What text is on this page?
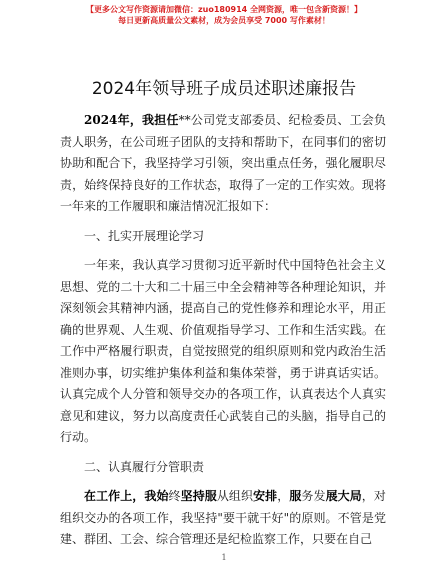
【更多公文写作资源请加微信：zuo180914 全网资源，唯一包含新资源！】
每日更新高质量公文素材，成为会员享受 7000 写作素材！
2024年领导班子成员述职述廉报告

2024年，我担任**公司党支部委员、纪检委员、工会负责人职务，在公司班子团队的支持和帮助下，在同事们的密切协助和配合下，我坚持学习引领，突出重点任务，强化履职尽责，始终保持良好的工作状态，取得了一定的工作实效。现将一年来的工作履职和廉洁情况汇报如下：

一、扎实开展理论学习

一年来，我认真学习贯彻习近平新时代中国特色社会主义思想、党的二十大和二十届三中全会精神等各种理论知识，并深刻领会其精神内涵，提高自己的党性修养和理论水平，用正确的世界观、人生观、价值观指导学习、工作和生活实践。在工作中严格履行职责，自觉按照党的组织原则和党内政治生活准则办事，切实维护集体利益和集体荣誉，勇于讲真话实话。认真完成个人分管和领导交办的各项工作，认真表达个人真实意见和建议，努力以高度责任心武装自己的头脑，指导自己的行动。

二、认真履行分管职责

在工作上，我始终坚持服从组织安排，服务发展大局，对组织交办的各项工作，我坚持"要干就干好"的原则。不管是党建、群团、工会、综合管理还是纪检监察工作，只要在自己

1
